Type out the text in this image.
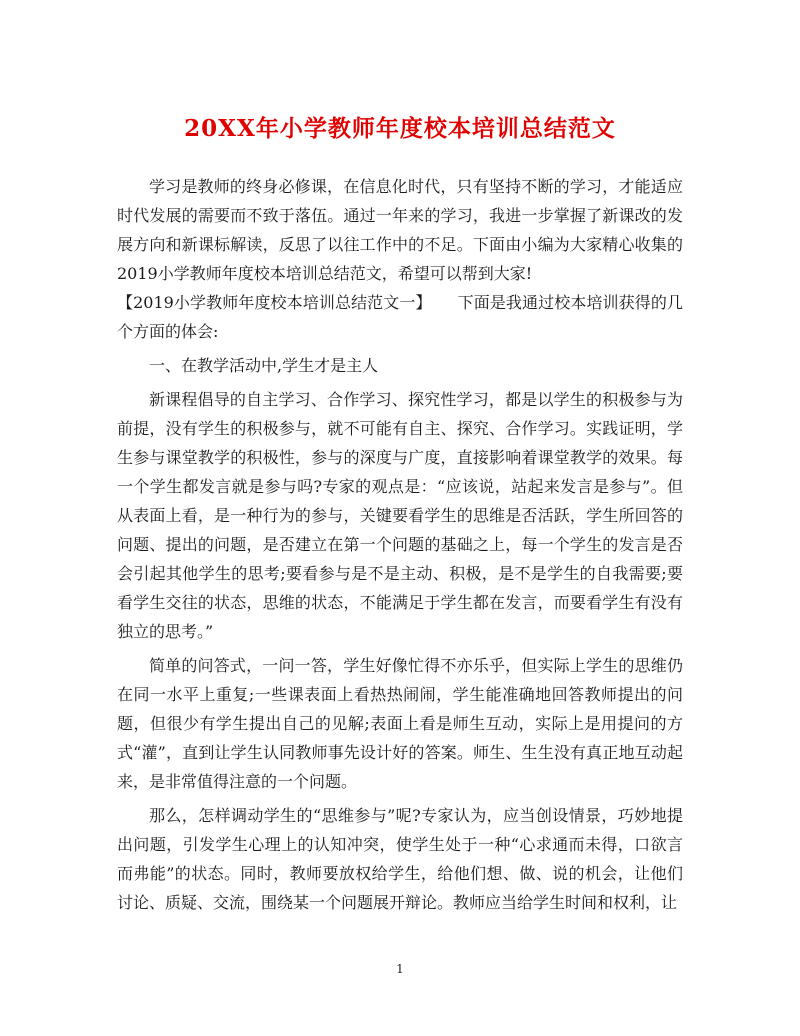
20XX年小学教师年度校本培训总结范文

学习是教师的终身必修课，在信息化时代，只有坚持不断的学习，才能适应时代发展的需要而不致于落伍。通过一年来的学习，我进一步掌握了新课改的发展方向和新课标解读，反思了以往工作中的不足。下面由小编为大家精心收集的2019小学教师年度校本培训总结范文，希望可以帮到大家!

【2019小学教师年度校本培训总结范文一】 下面是我通过校本培训获得的几个方面的体会:

一、在教学活动中,学生才是主人

新课程倡导的自主学习、合作学习、探究性学习，都是以学生的积极参与为前提，没有学生的积极参与，就不可能有自主、探究、合作学习。实践证明，学生参与课堂教学的积极性，参与的深度与广度，直接影响着课堂教学的效果。每一个学生都发言就是参与吗?专家的观点是：“应该说，站起来发言是参与”。但从表面上看，是一种行为的参与，关键要看学生的思维是否活跃，学生所回答的问题、提出的问题，是否建立在第一个问题的基础之上，每一个学生的发言是否会引起其他学生的思考;要看参与是不是主动、积极，是不是学生的自我需要;要看学生交往的状态，思维的状态，不能满足于学生都在发言，而要看学生有没有独立的思考。”

简单的问答式，一问一答，学生好像忙得不亦乐乎，但实际上学生的思维仍在同一水平上重复;一些课表面上看热热闹闹，学生能准确地回答教师提出的问题，但很少有学生提出自己的见解;表面上看是师生互动，实际上是用提问的方式“灌”，直到让学生认同教师事先设计好的答案。师生、生生没有真正地互动起来，是非常值得注意的一个问题。

那么，怎样调动学生的“思维参与”呢?专家认为，应当创设情景，巧妙地提出问题，引发学生心理上的认知冲突，使学生处于一种“心求通而未得，口欲言而弗能”的状态。同时，教师要放权给学生，给他们想、做、说的机会，让他们讨论、质疑、交流，围绕某一个问题展开辩论。教师应当给学生时间和权利，让

1
